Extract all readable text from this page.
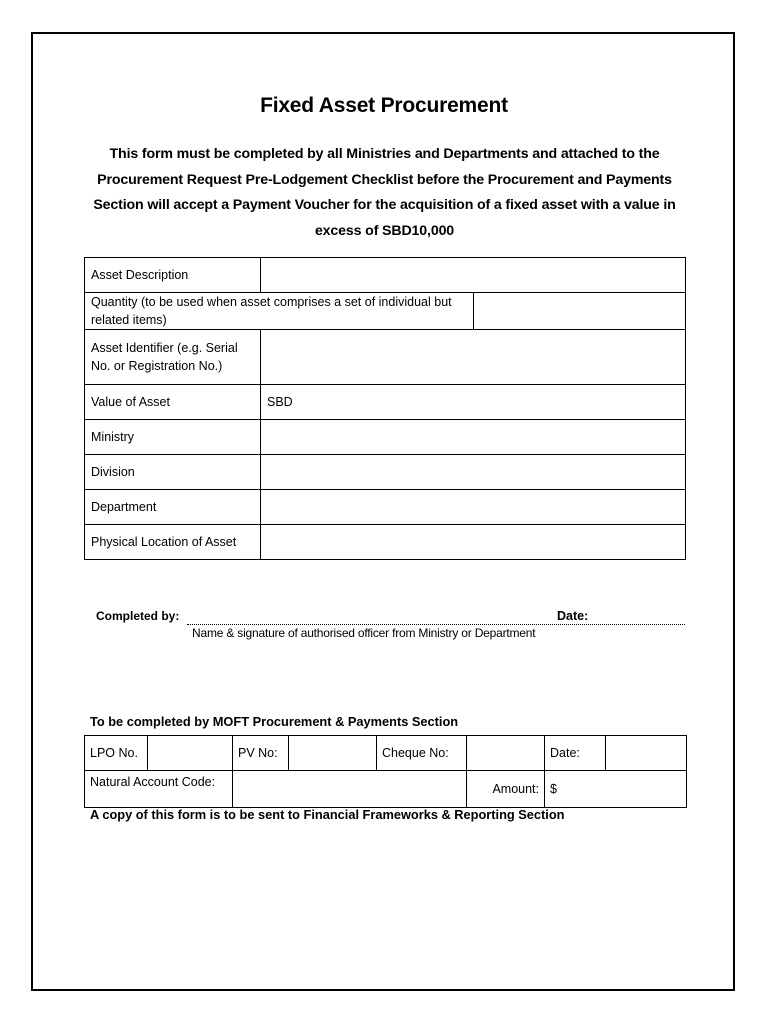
Fixed Asset Procurement
This form must be completed by all Ministries and Departments and attached to the Procurement Request Pre-Lodgement Checklist before the Procurement and Payments Section will accept a Payment Voucher for the acquisition of a fixed asset with a value in excess of SBD10,000
Asset Description		
Quantity (to be used when asset comprises a set of individual but related items)		
Asset Identifier (e.g. Serial No. or Registration No.)		
Value of Asset	SBD	
Ministry		
Division		
Department		
Physical Location of Asset		
Completed by:	Date:
Name & signature of authorised officer from Ministry or Department
To be completed by MOFT Procurement & Payments Section
LPO No.		PV No:		Cheque No:		Date:	
Natural Account Code:					Amount:	$	
A copy of this form is to be sent to Financial Frameworks & Reporting Section
